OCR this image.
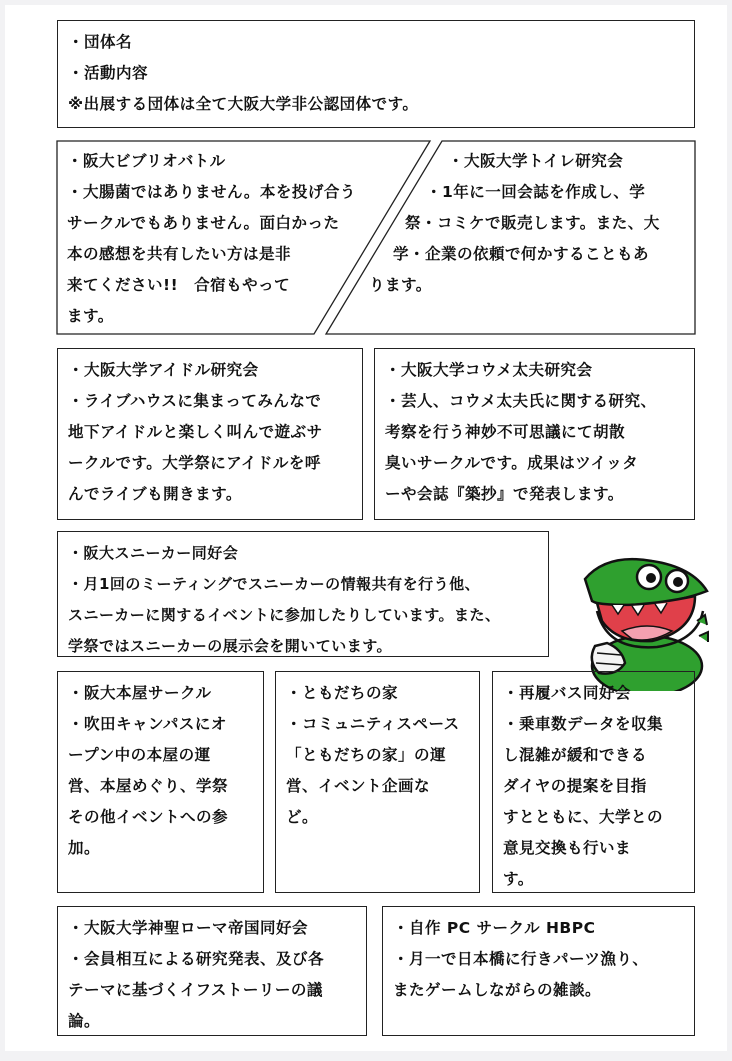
・団体名
・活動内容
※出展する団体は全て大阪大学非公認団体です。
・阪大ビブリオバトル
・大腸菌ではありません。本を投げ合う
サークルでもありません。面白かった
本の感想を共有したい方は是非
来てください!!　合宿もやって
ます。
・大阪大学トイレ研究会
・1年に一回会誌を作成し、学
祭・コミケで販売します。また、大
学・企業の依頼で何かすることもあ
ります。
・大阪大学アイドル研究会
・ライブハウスに集まってみんなで
地下アイドルと楽しく叫んで遊ぶサ
ークルです。大学祭にアイドルを呼
んでライブも開きます。
・大阪大学コウメ太夫研究会
・芸人、コウメ太夫氏に関する研究、
考察を行う神妙不可思議にて胡散
臭いサークルです。成果はツイッタ
ーや会誌『築抄』で発表します。
・阪大スニーカー同好会
・月1回のミーティングでスニーカーの情報共有を行う他、
スニーカーに関するイベントに参加したりしています。また、
学祭ではスニーカーの展示会を開いています。
・阪大本屋サークル
・吹田キャンパスにオ
ープン中の本屋の運
営、本屋めぐり、学祭
その他イベントへの参
加。
・ともだちの家
・コミュニティスペース
「ともだちの家」の運
営、イベント企画な
ど。
・再履バス同好会
・乗車数データを収集
し混雑が緩和できる
ダイヤの提案を目指
すとともに、大学との
意見交換も行いま
す。
・大阪大学神聖ローマ帝国同好会
・会員相互による研究発表、及び各
テーマに基づくイフストーリーの議
論。
・自作 PC サークル HBPC
・月一で日本橋に行きパーツ漁り、
またゲームしながらの雑談。
